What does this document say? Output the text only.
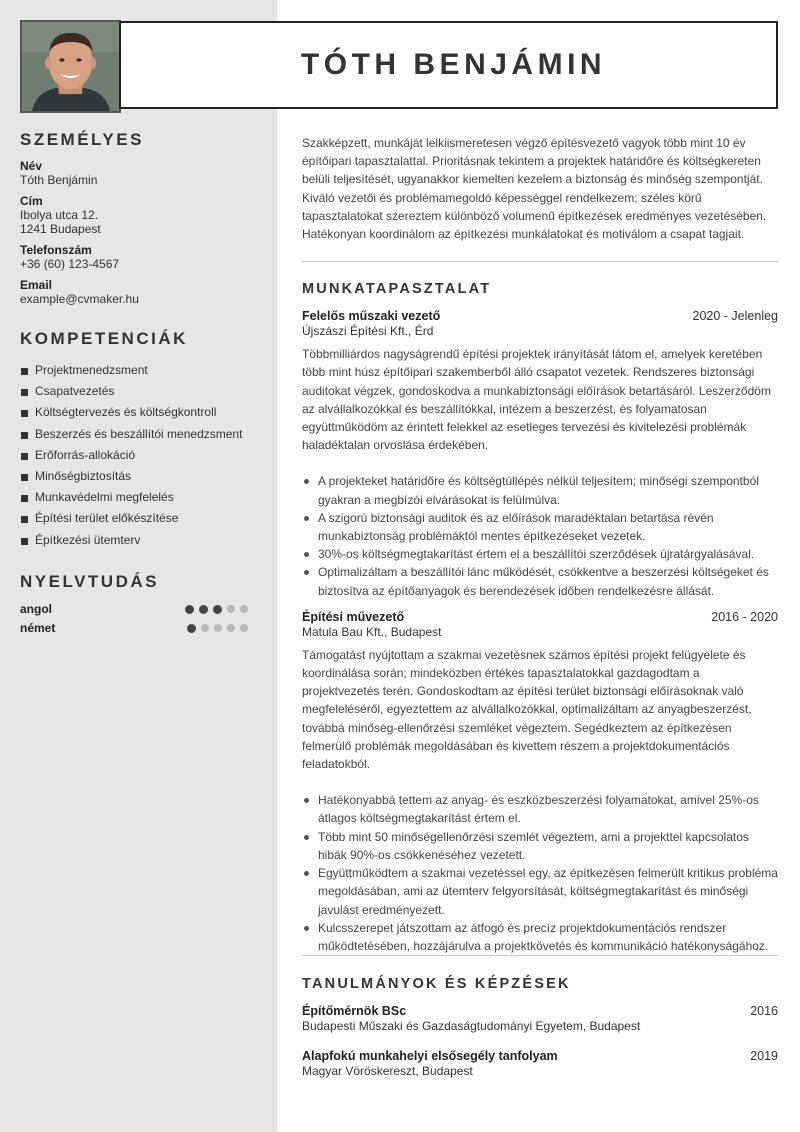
TÓTH BENJÁMIN
SZEMÉLYES
Név
Tóth Benjámin
Cím
Ibolya utca 12.
1241 Budapest
Telefonszám
+36 (60) 123-4567
Email
example@cvmaker.hu
KOMPETENCIÁK
Projektmenedzsment
Csapatvezetés
Költségtervezés és költségkontroll
Beszerzés és beszállítói menedzsment
Erőforrás-allokáció
Minőségbiztosítás
Munkavédelmi megfelelés
Építési terület előkészítése
Építkezési ütemterv
NYELVTUDÁS
angol
német

Szakképzett, munkáját lelkiismeretesen végző építésvezető vagyok több mint 10 év építőipari tapasztalattal. Prioritásnak tekintem a projektek határidőre és költségkereten belüli teljesítését, ugyanakkor kiemelten kezelem a biztonság és minőség szempontját. Kiváló vezetői és problémamegoldó képességgel rendelkezem; széles körű tapasztalatokat szereztem különböző volumenű építkezések eredményes vezetésében. Hatékonyan koordinálom az építkezési munkálatokat és motiválom a csapat tagjait.

MUNKATAPASZTALAT
Felelős műszaki vezető	2020 - Jelenleg
Újszászi Építési Kft., Érd

Többmilliárdos nagyságrendű építési projektek irányítását látom el, amelyek keretében több mint húsz építőipari szakemberből álló csapatot vezetek. Rendszeres biztonsági auditokat végzek, gondoskodva a munkabiztonsági előírások betartásáról. Leszerződöm az alvállalkozókkal és beszállítókkal, intézem a beszerzést, és folyamatosan együttműködöm az érintett felekkel az esetleges tervezési és kivitelezési problémák haladéktalan orvoslása érdekében.

A projekteket határidőre és költségtúllépés nélkül teljesítem; minőségi szempontból gyakran a megbízói elvárásokat is felülmúlva.
A szigorú biztonsági auditok és az előírások maradéktalan betartása révén munkabiztonság problémáktól mentes építkezéseket vezetek.
30%-os költségmegtakarítást értem el a beszállítói szerződések újratárgyalásával.
Optimalizáltam a beszállítói lánc működését, csökkentve a beszerzési költségeket és biztosítva az építőanyagok és berendezések időben rendelkezésre állását.
Építési művezető	2016 - 2020
Matula Bau Kft., Budapest

Támogatást nyújtottam a szakmai vezetésnek számos építési projekt felügyelete és koordinálása során; mindeközben értékes tapasztalatokkal gazdagodtam a projektvezetés terén. Gondoskodtam az építési terület biztonsági előírásoknak való megfeleléséről, egyeztettem az alvállalkozókkal, optimalizáltam az anyagbeszerzést, továbbá minőség-ellenőrzési szemléket végeztem. Segédkeztem az építkezésen felmerülő problémák megoldásában és kivettem részem a projektdokumentációs feladatokból.

Hatékonyabbá tettem az anyag- és eszközbeszerzési folyamatokat, amivel 25%-os átlagos költségmegtakarítást értem el.
Több mint 50 minőségellenőrzési szemlét végeztem, ami a projekttel kapcsolatos hibák 90%-os csökkenéséhez vezetett.
Együttműködtem a szakmai vezetéssel egy, az építkezésen felmerült kritikus probléma megoldásában, ami az ütemterv felgyorsítását, költségmegtakarítást és minőségi javulást eredményezett.
Kulcsszerepet játszottam az átfogó és precíz projektdokumentációs rendszer működtetésében, hozzájárulva a projektkövetés és kommunikáció hatékonyságához.
TANULMÁNYOK ÉS KÉPZÉSEK
Építőmérnök BSc	2016
Budapesti Műszaki és Gazdaságtudományi Egyetem, Budapest
Alapfokú munkahelyi elsősegély tanfolyam	2019
Magyar Vöröskereszt, Budapest
